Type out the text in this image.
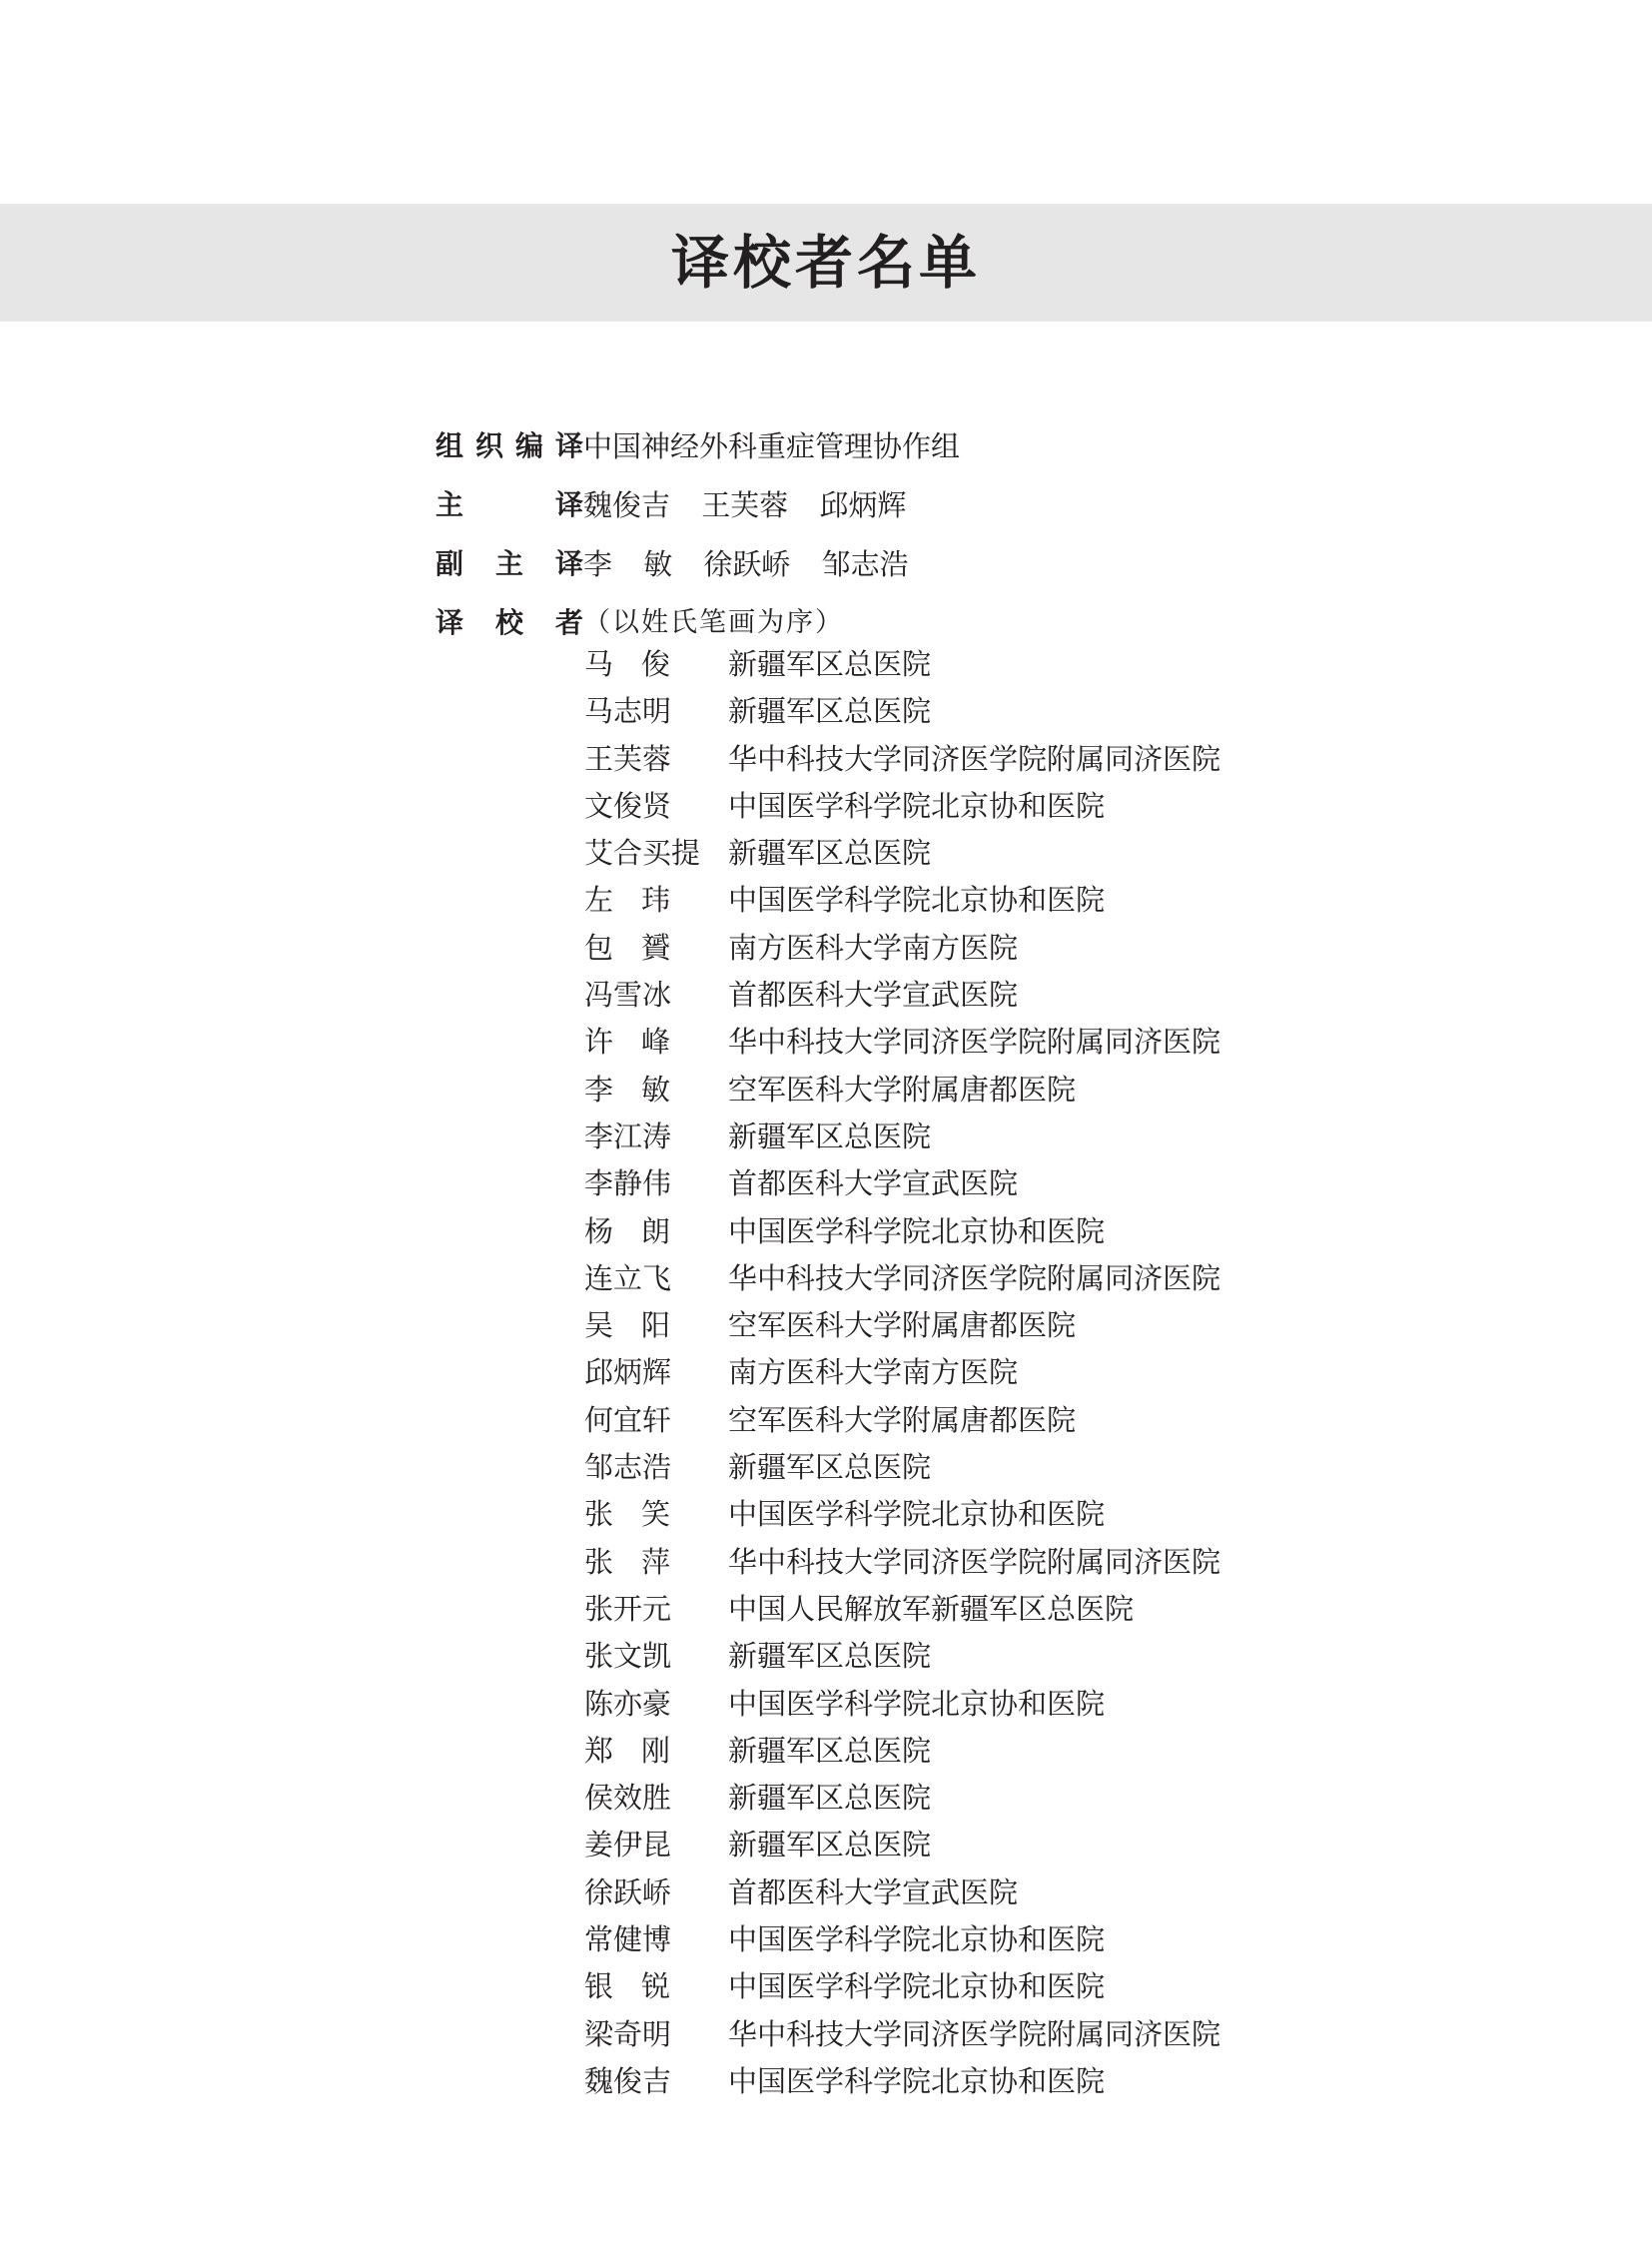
译校者名单
组织编译中国神经外科重症管理协作组
主 译魏俊吉 王芙蓉 邱炳辉
副主译李 敏 徐跃峤 邹志浩
译校者（以姓氏笔画为序）
马 俊 新疆军区总医院
马志明 新疆军区总医院
王芙蓉 华中科技大学同济医学院附属同济医院
文俊贤 中国医学科学院北京协和医院
艾合买提 新疆军区总医院
左 玮 中国医学科学院北京协和医院
包 贇 南方医科大学南方医院
冯雪冰 首都医科大学宣武医院
许 峰 华中科技大学同济医学院附属同济医院
李 敏 空军医科大学附属唐都医院
李江涛 新疆军区总医院
李静伟 首都医科大学宣武医院
杨 朗 中国医学科学院北京协和医院
连立飞 华中科技大学同济医学院附属同济医院
吴 阳 空军医科大学附属唐都医院
邱炳辉 南方医科大学南方医院
何宜轩 空军医科大学附属唐都医院
邹志浩 新疆军区总医院
张 笑 中国医学科学院北京协和医院
张 萍 华中科技大学同济医学院附属同济医院
张开元 中国人民解放军新疆军区总医院
张文凯 新疆军区总医院
陈亦豪 中国医学科学院北京协和医院
郑 刚 新疆军区总医院
侯效胜 新疆军区总医院
姜伊昆 新疆军区总医院
徐跃峤 首都医科大学宣武医院
常健博 中国医学科学院北京协和医院
银 锐 中国医学科学院北京协和医院
梁奇明 华中科技大学同济医学院附属同济医院
魏俊吉 中国医学科学院北京协和医院
